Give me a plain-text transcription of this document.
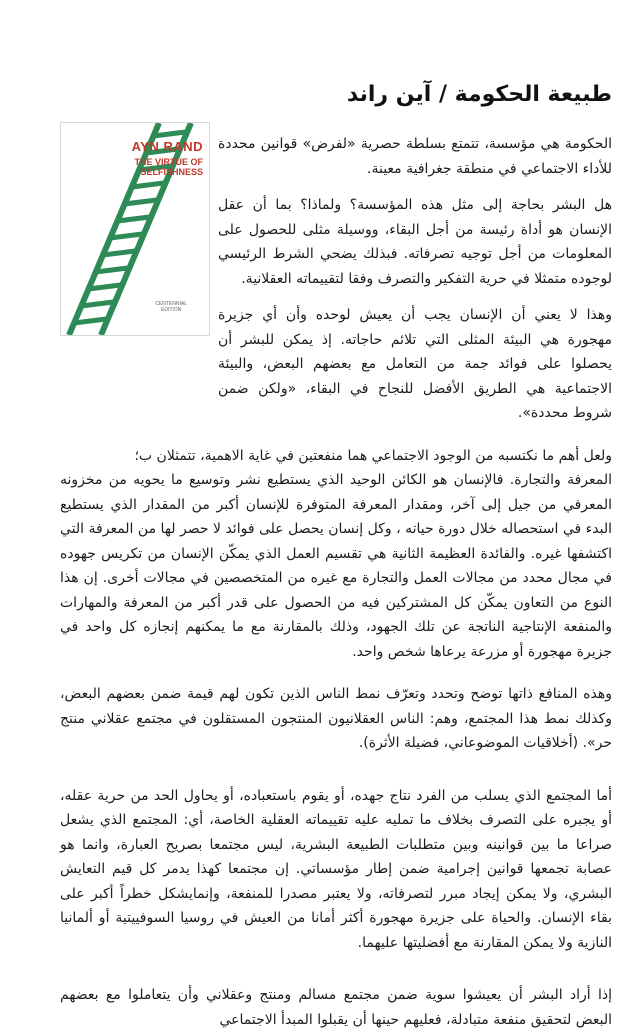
طبيعة الحكومة / آين راند
AYN RAND
THE VIRTUE OF
SELFISHNESS
CENTENNIAL
EDITION

الحكومة هي مؤسسة، تتمتع بسلطة حصرية «لفرض» قوانين محددة للأداء الاجتماعي في منطقة جغرافية معينة.

هل البشر بحاجة إلى مثل هذه المؤسسة؟ ولماذا؟ بما أن عقل الإنسان هو أداة رئيسة من أجل البقاء، ووسيلة مثلى للحصول على المعلومات من أجل توجيه تصرفاته. فبذلك يضحي الشرط الرئيسي لوجوده متمثلا في حرية التفكير والتصرف وفقا لتقييماته العقلانية.

وهذا لا يعني أن الإنسان يجب أن يعيش لوحده وأن أي جزيرة مهجورة هي البيئة المثلى التي تلائم حاجاته. إذ يمكن للبشر أن يحصلوا على فوائد جمة من التعامل مع بعضهم البعض، والبيئة الاجتماعية هي الطريق الأفضل للنجاح في البقاء، «ولكن ضمن شروط محددة».

ولعل أهم ما نكتسبه من الوجود الاجتماعي هما منفعتين في غاية الاهمية، تتمثلان ب؛

المعرفة والتجارة. فالإنسان هو الكائن الوحيد الذي يستطيع نشر وتوسيع ما يحويه من مخزونه المعرفي من جيل إلى آخر، ومقدار المعرفة المتوفرة للإنسان أكبر من المقدار الذي يستطيع البدء في استحصاله خلال دورة حياته ، وكل إنسان يحصل على فوائد لا حصر لها من المعرفة التي اكتشفها غيره. والفائدة العظيمة الثانية هي تقسيم العمل الذي يمكّن الإنسان من تكريس جهوده في مجال محدد من مجالات العمل والتجارة مع غيره من المتخصصين في مجالات أخرى. إن هذا النوع من التعاون يمكّن كل المشتركين فيه من الحصول على قدر أكبر من المعرفة والمهارات والمنفعة الإنتاجية الناتجة عن تلك الجهود، وذلك بالمقارنة مع ما يمكنهم إنجازه كل واحد في جزيرة مهجورة أو مزرعة يرعاها شخص واحد.

وهذه المنافع ذاتها توضح وتحدد وتعرّف نمط الناس الذين تكون لهم قيمة ضمن بعضهم البعض، وكذلك نمط هذا المجتمع، وهم: الناس العقلانيون المنتجون المستقلون في مجتمع عقلاني منتج حر». (أخلاقيات الموضوعاني، فضيلة الأثرة).

أما المجتمع الذي يسلب من الفرد نتاج جهده، أو يقوم باستعباده، أو يحاول الحد من حرية عقله، أو يجبره على التصرف بخلاف ما تمليه عليه تقييماته العقلية الخاصة، أي: المجتمع الذي يشعل صراعا ما بين قوانينه وبين متطلبات الطبيعة البشرية، ليس مجتمعا بصريح العبارة، وانما هو عصابة تجمعها قوانين إجرامية ضمن إطار مؤسساتي. إن مجتمعا كهذا يدمر كل قيم التعايش البشري، ولا يمكن إيجاد مبرر لتصرفاته، ولا يعتبر مصدرا للمنفعة، وإنمايشكل خطراً أكبر على بقاء الإنسان. والحياة على جزيرة مهجورة أكثر أمانا من العيش في روسيا السوفييتية أو ألمانيا النازية ولا يمكن المقارنة مع أفضليتها عليهما.

إذا أراد البشر أن يعيشوا سوية ضمن مجتمع مسالم ومنتج وعقلاني وأن يتعاملوا مع بعضهم البعض لتحقيق منفعة متبادلة، فعليهم حينها أن يقبلوا المبدأ الاجتماعي
